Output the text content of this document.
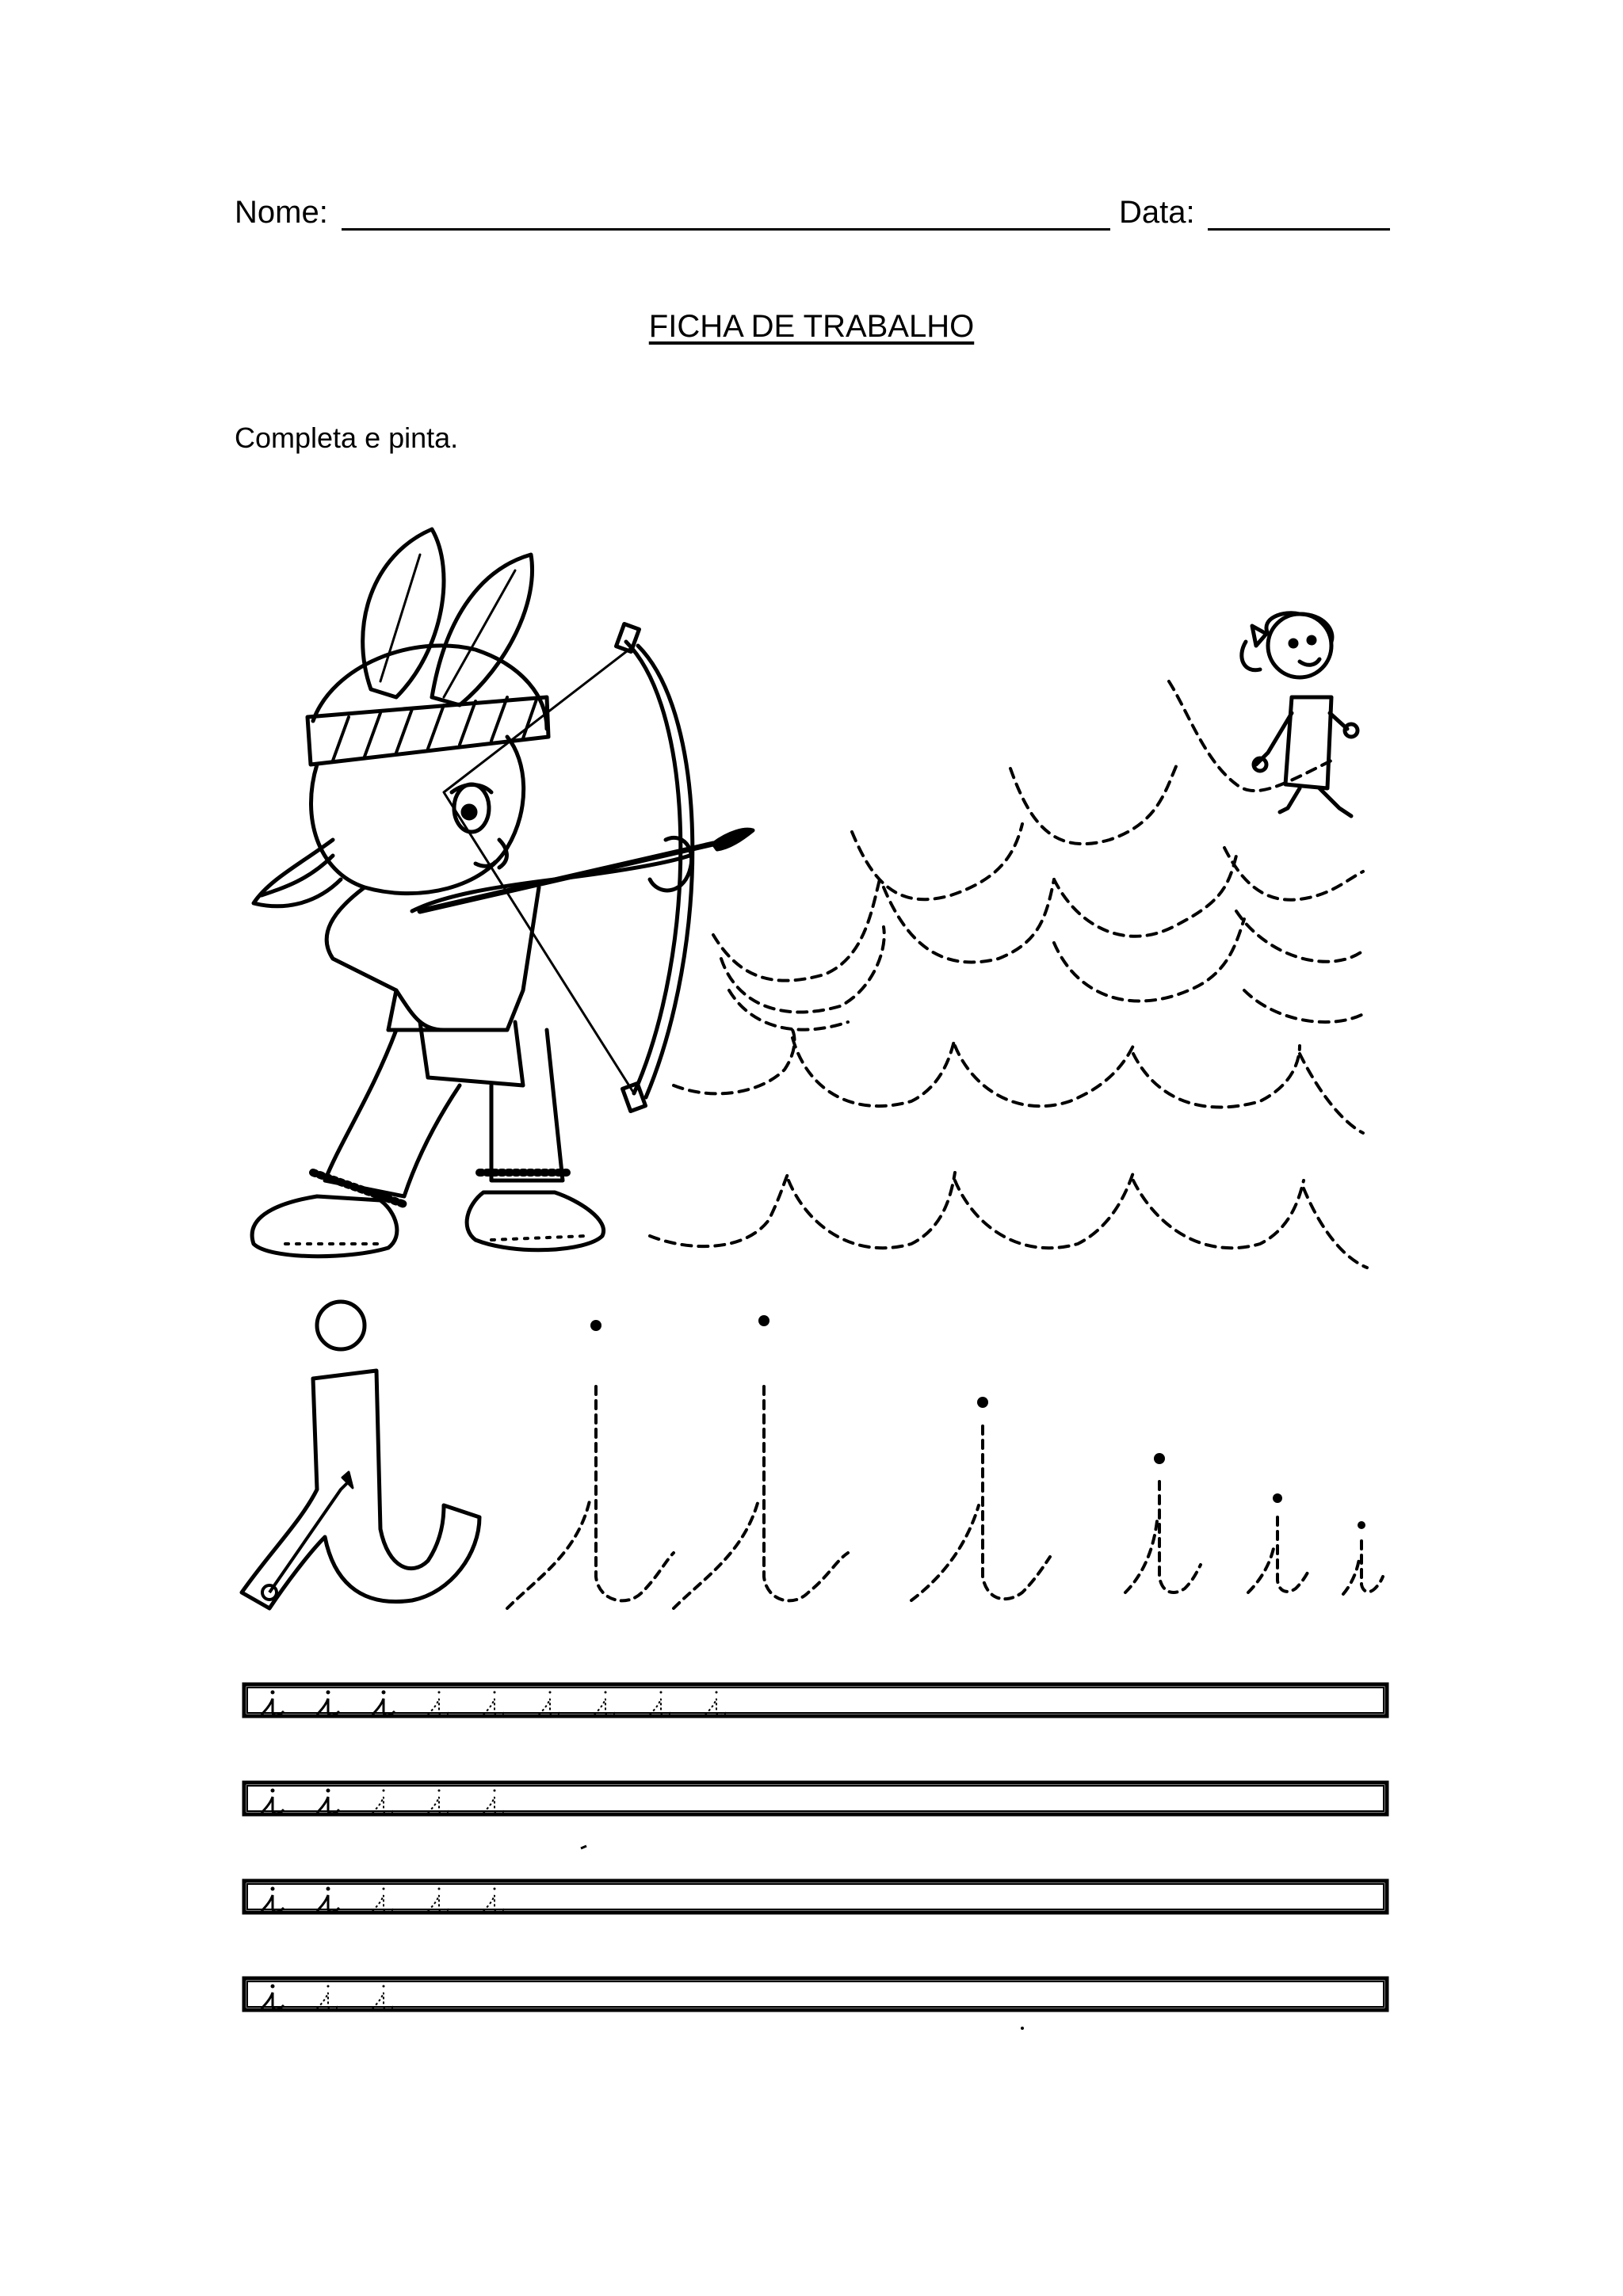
Nome:	Data:
FICHA DE TRABALHO
Completa e pinta.
